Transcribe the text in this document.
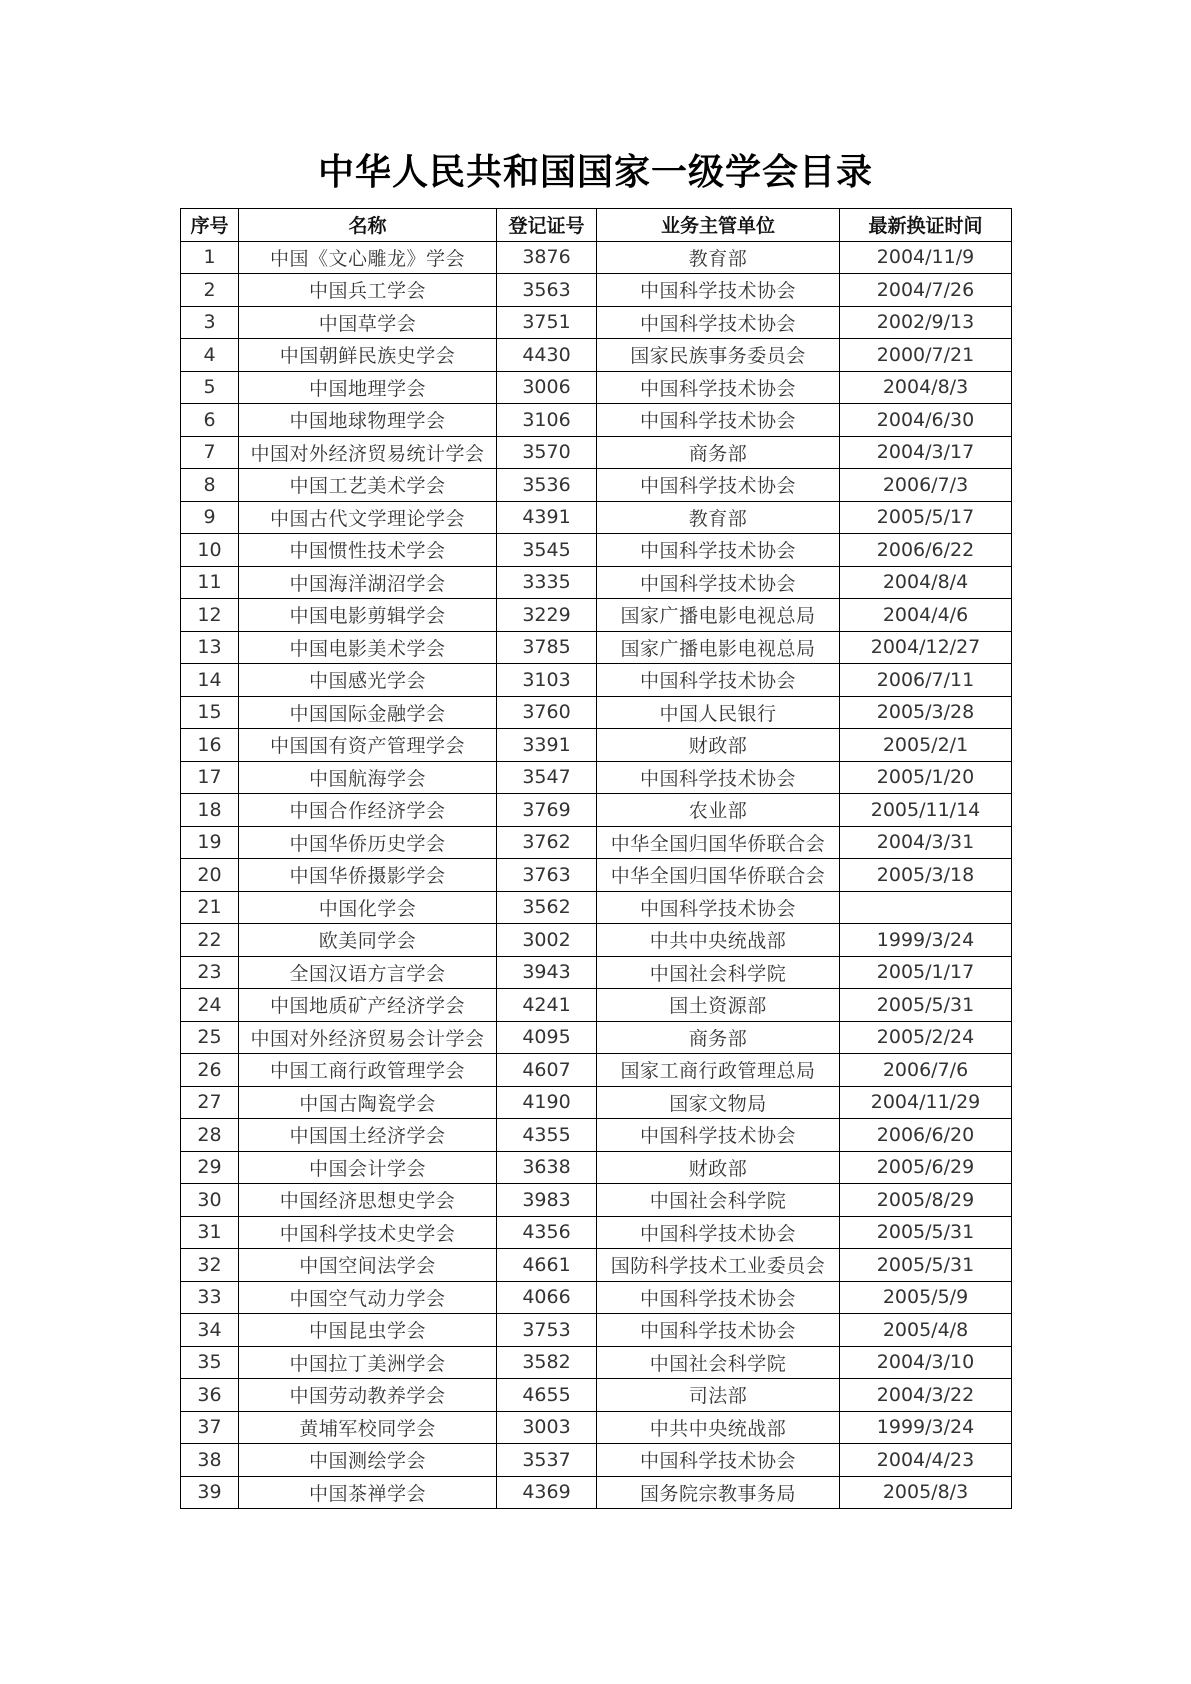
中华人民共和国国家一级学会目录
序号	名称	登记证号	业务主管单位	最新换证时间
1	中国《文心雕龙》学会	3876	教育部	2004/11/9
2	中国兵工学会	3563	中国科学技术协会	2004/7/26
3	中国草学会	3751	中国科学技术协会	2002/9/13
4	中国朝鲜民族史学会	4430	国家民族事务委员会	2000/7/21
5	中国地理学会	3006	中国科学技术协会	2004/8/3
6	中国地球物理学会	3106	中国科学技术协会	2004/6/30
7	中国对外经济贸易统计学会	3570	商务部	2004/3/17
8	中国工艺美术学会	3536	中国科学技术协会	2006/7/3
9	中国古代文学理论学会	4391	教育部	2005/5/17
10	中国惯性技术学会	3545	中国科学技术协会	2006/6/22
11	中国海洋湖沼学会	3335	中国科学技术协会	2004/8/4
12	中国电影剪辑学会	3229	国家广播电影电视总局	2004/4/6
13	中国电影美术学会	3785	国家广播电影电视总局	2004/12/27
14	中国感光学会	3103	中国科学技术协会	2006/7/11
15	中国国际金融学会	3760	中国人民银行	2005/3/28
16	中国国有资产管理学会	3391	财政部	2005/2/1
17	中国航海学会	3547	中国科学技术协会	2005/1/20
18	中国合作经济学会	3769	农业部	2005/11/14
19	中国华侨历史学会	3762	中华全国归国华侨联合会	2004/3/31
20	中国华侨摄影学会	3763	中华全国归国华侨联合会	2005/3/18
21	中国化学会	3562	中国科学技术协会	
22	欧美同学会	3002	中共中央统战部	1999/3/24
23	全国汉语方言学会	3943	中国社会科学院	2005/1/17
24	中国地质矿产经济学会	4241	国土资源部	2005/5/31
25	中国对外经济贸易会计学会	4095	商务部	2005/2/24
26	中国工商行政管理学会	4607	国家工商行政管理总局	2006/7/6
27	中国古陶瓷学会	4190	国家文物局	2004/11/29
28	中国国土经济学会	4355	中国科学技术协会	2006/6/20
29	中国会计学会	3638	财政部	2005/6/29
30	中国经济思想史学会	3983	中国社会科学院	2005/8/29
31	中国科学技术史学会	4356	中国科学技术协会	2005/5/31
32	中国空间法学会	4661	国防科学技术工业委员会	2005/5/31
33	中国空气动力学会	4066	中国科学技术协会	2005/5/9
34	中国昆虫学会	3753	中国科学技术协会	2005/4/8
35	中国拉丁美洲学会	3582	中国社会科学院	2004/3/10
36	中国劳动教养学会	4655	司法部	2004/3/22
37	黄埔军校同学会	3003	中共中央统战部	1999/3/24
38	中国测绘学会	3537	中国科学技术协会	2004/4/23
39	中国茶禅学会	4369	国务院宗教事务局	2005/8/3
